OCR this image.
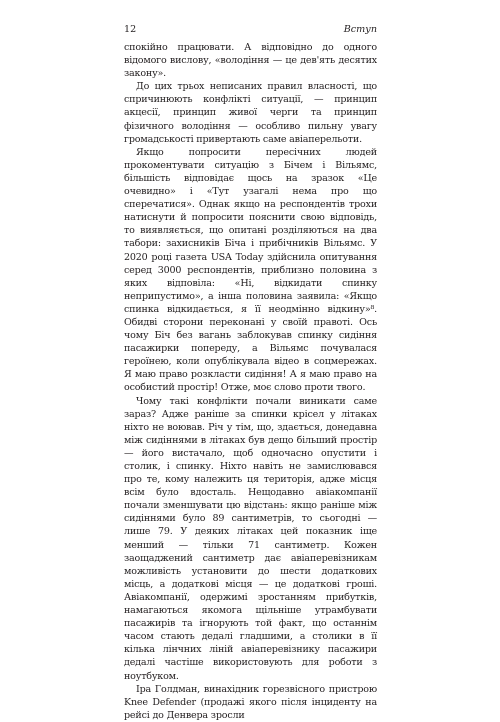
12	Вступ

спокійно працювати. А відповідно до одного відомого вислову, «володіння — це дев'ять десятих закону».

До цих трьох неписаних правил власності, що спричинюють конфлікті ситуації, — принцип акцесії, принцип живої черги та принцип фізичного володіння — особливо пильну увагу громадськості привертають саме авіаперельоти.

Якщо попросити пересічних людей прокоментувати ситуацію з Бічем і Вільямс, більшість відповідає щось на зразок «Це очевидно» і «Тут узагалі нема про що сперечатися». Однак якщо на респондентів трохи натиснути й попросити пояснити свою відповідь, то виявляється, що опитані розділяються на два табори: захисників Біча і прибічників Вільямс. У 2020 році газета USA Today здійснила опитування серед 3000 респондентів, приблизно половина з яких відповіла: «Ні, відкидати спинку неприпустимо», а інша половина заявила: «Якщо спинка відкидається, я її неодмінно відкину»⁸. Обидві сторони переконані у своїй правоті. Ось чому Біч без вагань заблокував спинку сидіння пасажирки попереду, а Вільямс почувалася героїнею, коли опублікувала відео в соцмережах. Я маю право розкласти сидіння! А я маю право на особистий простір! Отже, моє слово проти твого.

Чому такі конфлікти почали виникати саме зараз? Адже раніше за спинки крісел у літаках ніхто не воював. Річ у тім, що, здається, донедавна між сидіннями в літаках був дещо більший простір — його вистачало, щоб одночасно опустити і столик, і спинку. Ніхто навіть не замислювався про те, кому належить ця територія, адже місця всім було вдосталь. Нещодавно авіакомпанії почали зменшувати цю відстань: якщо раніше між сидіннями було 89 сантиметрів, то сьогодні — лише 79. У деяких літаках цей показник іще менший — тільки 71 сантиметр. Кожен заощаджений сантиметр дає авіаперевізникам можливість установити до шести додаткових місць, а додаткові місця — це додаткові гроші. Авіакомпанії, одержимі зростанням прибутків, намагаються якомога щільніше утрамбувати пасажирів та ігнорують той факт, що останнім часом стають дедалі гладшими, а столики в її кілька лінчних ліній авіаперевізнику пасажири дедалі частіше використовують для роботи з ноутбуком.

Іра Голдман, винахідник горезвісного пристрою Knee Defender (продажі якого після інциденту на рейсі до Денвера зросли
